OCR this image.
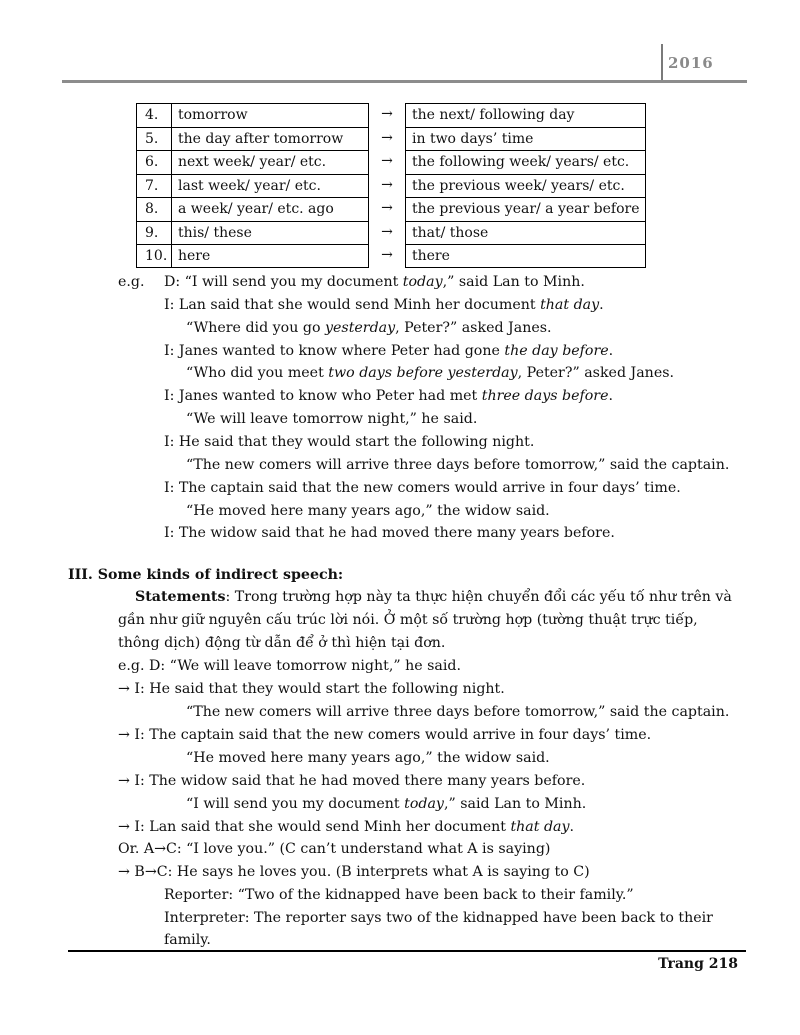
2016
4.	tomorrow	→	the next/ following day
5.	the day after tomorrow	→	in two days’ time
6.	next week/ year/ etc.	→	the following week/ years/ etc.
7.	last week/ year/ etc.	→	the previous week/ years/ etc.
8.	a week/ year/ etc. ago	→	the previous year/ a year before
9.	this/ these	→	that/ those
10. here	→	there
e.g. D: “I will send you my document today,” said Lan to Minh.
I: Lan said that she would send Minh her document that day.
“Where did you go yesterday, Peter?” asked Janes.
I: Janes wanted to know where Peter had gone the day before.
“Who did you meet two days before yesterday, Peter?” asked Janes.
I: Janes wanted to know who Peter had met three days before.
“We will leave tomorrow night,” he said.
I: He said that they would start the following night.
“The new comers will arrive three days before tomorrow,” said the captain.
I: The captain said that the new comers would arrive in four days’ time.
“He moved here many years ago,” the widow said.
I: The widow said that he had moved there many years before.
III. Some kinds of indirect speech:
Statements: Trong trường hợp này ta thực hiện chuyển đổi các yếu tố như trên và
gần như giữ nguyên cấu trúc lời nói. Ở một số trường hợp (tường thuật trực tiếp,
thông dịch) động từ dẫn để ở thì hiện tại đơn.
e.g. D: “We will leave tomorrow night,” he said.
→ I: He said that they would start the following night.
“The new comers will arrive three days before tomorrow,” said the captain.
→ I: The captain said that the new comers would arrive in four days’ time.
“He moved here many years ago,” the widow said.
→ I: The widow said that he had moved there many years before.
“I will send you my document today,” said Lan to Minh.
→ I: Lan said that she would send Minh her document that day.
Or. A→C: “I love you.” (C can’t understand what A is saying)
→ B→C: He says he loves you. (B interprets what A is saying to C)
Reporter: “Two of the kidnapped have been back to their family.”
Interpreter: The reporter says two of the kidnapped have been back to their
family.
Trang 218
